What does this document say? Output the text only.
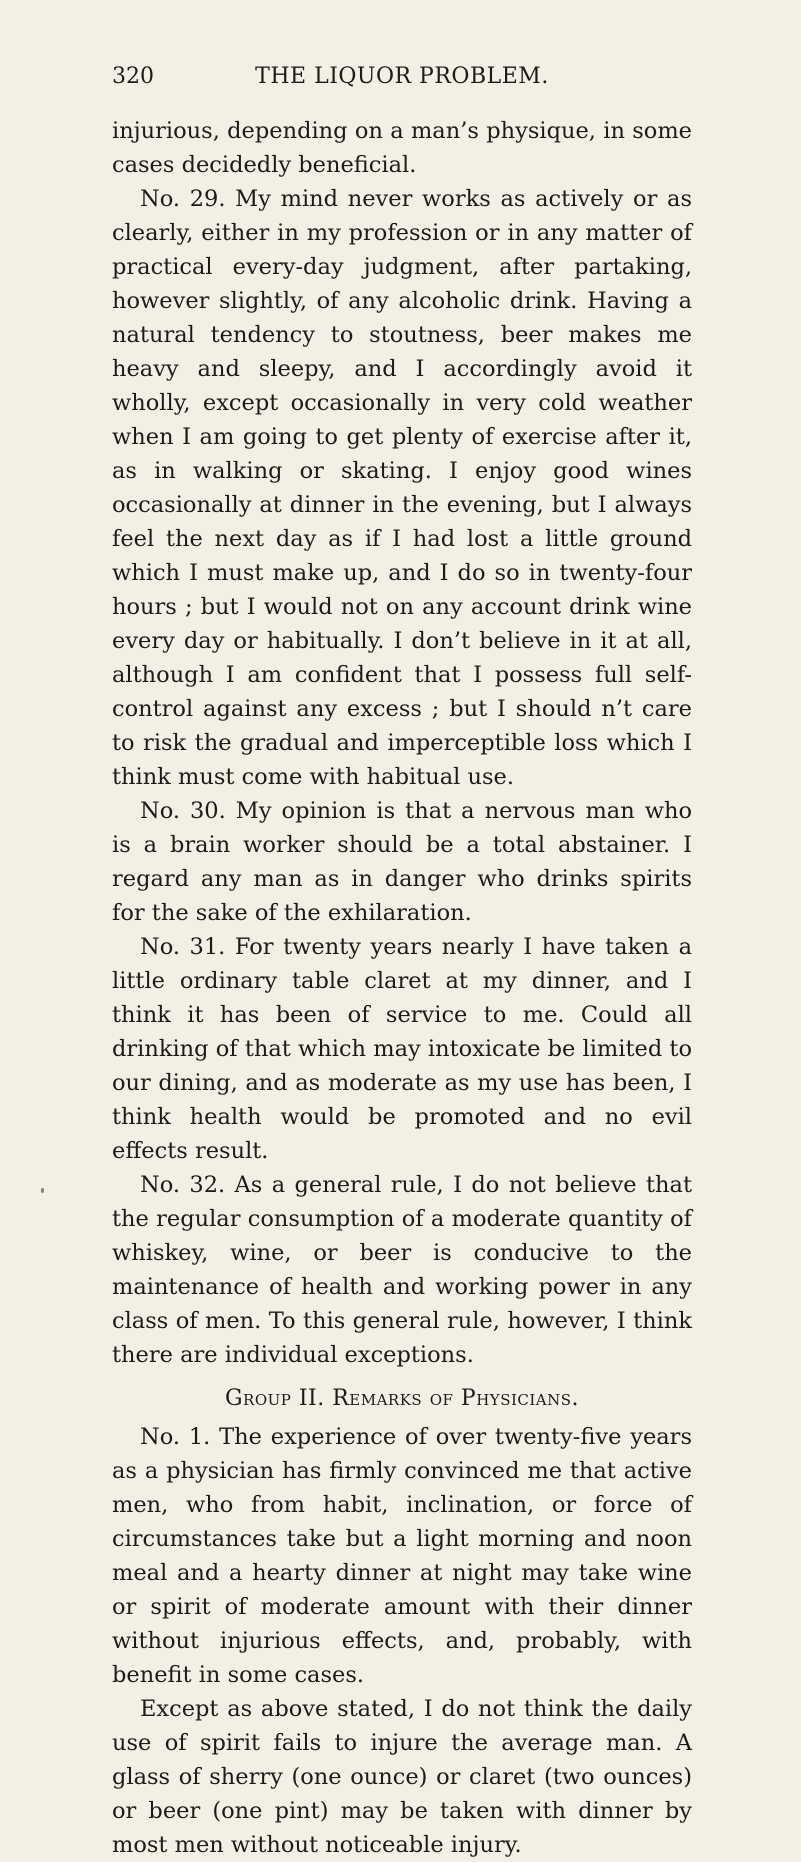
320	THE LIQUOR PROBLEM.

injurious, depending on a man’s physique, in some cases decidedly beneficial.

No. 29. My mind never works as actively or as clearly, either in my profession or in any matter of practical every-day judgment, after partaking, however slightly, of any alcoholic drink. Having a natural tendency to stoutness, beer makes me heavy and sleepy, and I accordingly avoid it wholly, except occasionally in very cold weather when I am going to get plenty of exercise after it, as in walking or skating. I enjoy good wines occasionally at dinner in the evening, but I always feel the next day as if I had lost a little ground which I must make up, and I do so in twenty-four hours ; but I would not on any account drink wine every day or habitually. I don’t believe in it at all, although I am confident that I possess full self-control against any excess ; but I should n’t care to risk the gradual and imperceptible loss which I think must come with habitual use.

No. 30. My opinion is that a nervous man who is a brain worker should be a total abstainer. I regard any man as in danger who drinks spirits for the sake of the exhilaration.

No. 31. For twenty years nearly I have taken a little ordinary table claret at my dinner, and I think it has been of service to me. Could all drinking of that which may intoxicate be limited to our dining, and as moderate as my use has been, I think health would be promoted and no evil effects result.

No. 32. As a general rule, I do not believe that the regular consumption of a moderate quantity of whiskey, wine, or beer is conducive to the maintenance of health and working power in any class of men. To this general rule, however, I think there are individual exceptions.

Group II. Remarks of Physicians.

No. 1. The experience of over twenty-five years as a physician has firmly convinced me that active men, who from habit, inclination, or force of circumstances take but a light morning and noon meal and a hearty dinner at night may take wine or spirit of moderate amount with their dinner without injurious effects, and, probably, with benefit in some cases.

Except as above stated, I do not think the daily use of spirit fails to injure the average man. A glass of sherry (one ounce) or claret (two ounces) or beer (one pint) may be taken with dinner by most men without noticeable injury.
